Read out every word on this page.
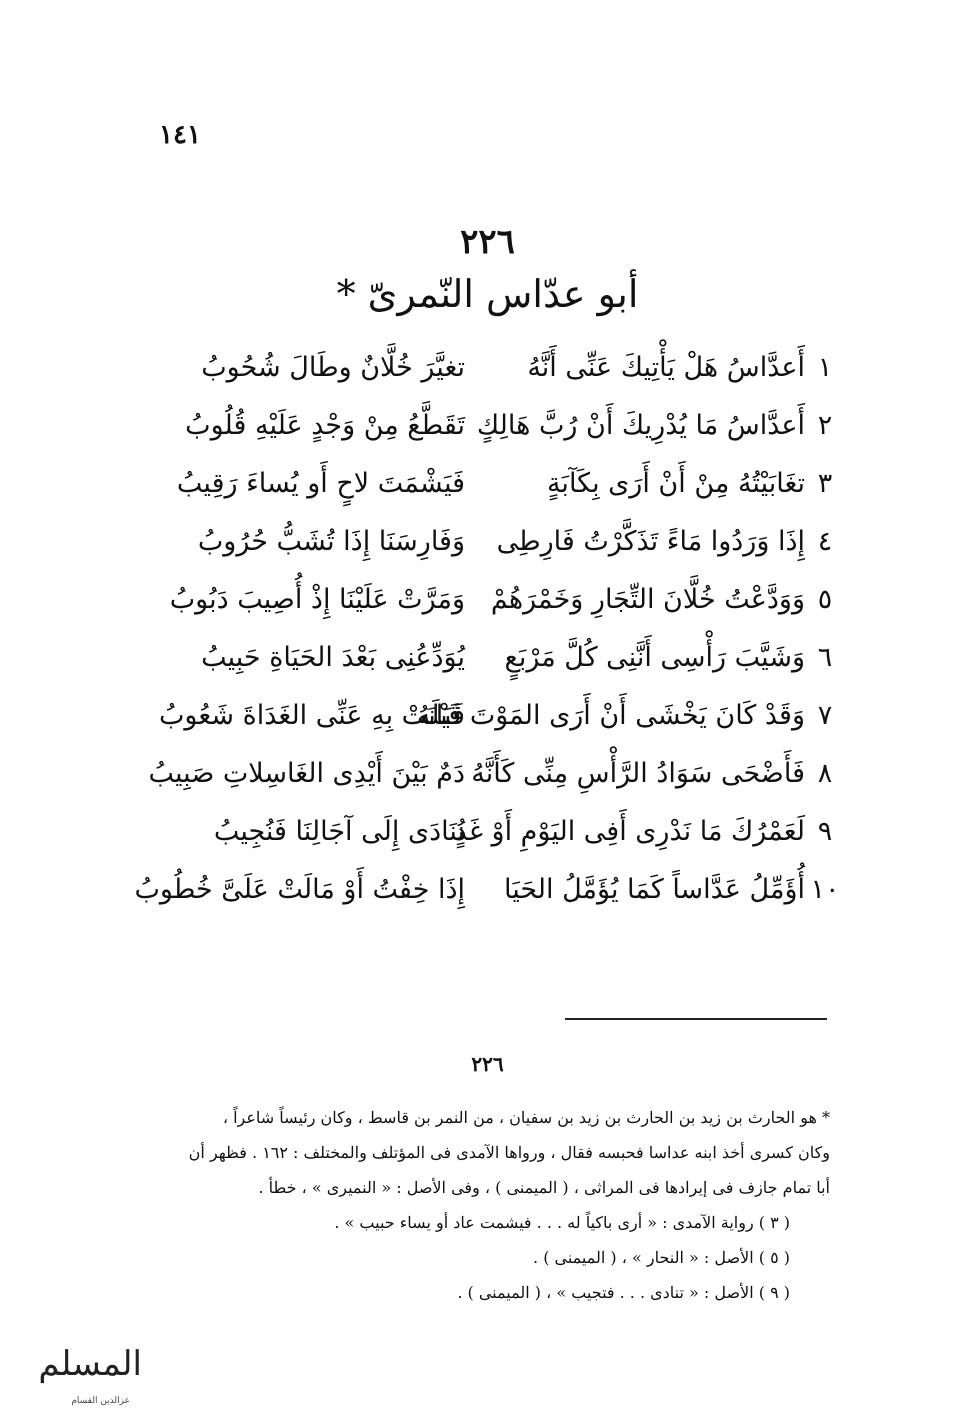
١٤١
٢٢٦
أبو عدّاس النّمرىّ *
١
أَعدَّاسُ هَلْ يَأْتِيكَ عَنِّى أَنَّهُ
تغيَّرَ خُلَّانٌ وطَالَ شُحُوبُ
٢
أَعدَّاسُ مَا يُدْرِيكَ أَنْ رُبَّ هَالِكٍ
تَقَطَّعُ مِنْ وَجْدٍ عَلَيْهِ قُلُوبُ
٣
تغَابَيْتُهُ مِنْ أَنْ أَرَى بِكَآبَةٍ
فَيَشْمَتَ لاحٍ أَو يُساءَ رَقِيبُ
٤
إِذَا وَرَدُوا مَاءً تَذَكَّرْتُ فَارِطِى
وَفَارِسَنَا إِذَا تُشَبُّ حُرُوبُ
٥
وَوَدَّعْتُ خُلَّانَ التِّجَارِ وَخَمْرَهُمْ
وَمَرَّتْ عَلَيْنَا إِذْ أُصِيبَ دَبُوبُ
٦
وَشَيَّبَ رَأْسِى أَنَّنِى كُلَّ مَرْبَعٍ
يُوَدِّعُنِى بَعْدَ الحَيَاةِ حَبِيبُ
٧
وَقَدْ كَانَ يَخْشَى أَنْ أَرَى المَوْتَ قَبْلَهُ
فَبَانَتْ بِهِ عَنِّى الغَدَاةَ شَعُوبُ
٨
فَأَضْحَى سَوَادُ الرَّأْسِ مِنِّى كَأَنَّهُ
دَمٌ بَيْنَ أَيْدِى الغَاسِلاتِ صَبِيبُ
٩
لَعَمْرُكَ مَا نَدْرِى أَفِى اليَوْمِ أَوْ غَدٍ
نُنَادَى إِلَى آجَالِنَا فَنُجِيبُ
١٠
أُؤَمِّلُ عَدَّاساً كَمَا يُؤَمَّلُ الحَيَا
إِذَا خِفْتُ أَوْ مَالَتْ عَلَىَّ خُطُوبُ
٢٢٦
* هو الحارث بن زيد بن الحارث بن زيد بن سفيان ، من النمر بن قاسط ، وكان رئيساً شاعراً ،
وكان كسرى أخذ ابنه عداسا فحبسه فقال ، ورواها الآمدى فى المؤتلف والمختلف : ١٦٢ . فظهر أن
أبا تمام جازف فى إيرادها فى المراثى ، ( الميمنى ) ، وفى الأصل : « النميرى » ، خطأ .
( ٣ ) رواية الآمدى : « أرى باكياً له . . . فيشمت عاد أو يساء حبيب » .
( ٥ ) الأصل : « النحار » ، ( الميمنى ) .
( ٩ ) الأصل : « تنادى . . . فتجيب » ، ( الميمنى ) .
المسلم
عزالدين القسام
